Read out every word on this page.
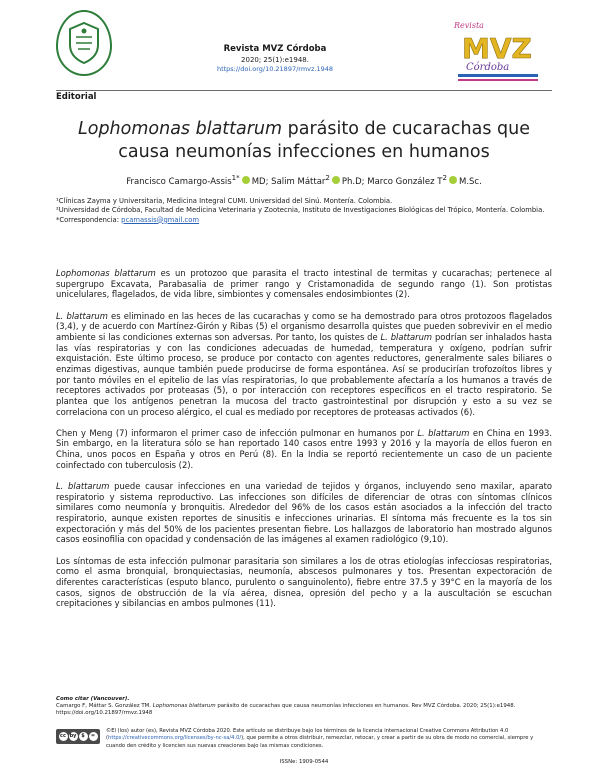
Revista MVZ Córdoba
2020; 25(1):e1948.
https://doi.org/10.21897/rmvz.1948
Revista
MVZ
Córdoba
Editorial
Lophomonas blattarum parásito de cucarachas que causa neumonías infecciones en humanos
Francisco Camargo-Assis$^{1*}$ MD; Salim Máttar$^2$ Ph.D; Marco González $T^2$ M.Sc.
¹Clínicas Zayma y Universitaria, Medicina Integral CUMI. Universidad del Sinú. Montería. Colombia.
²Universidad de Córdoba, Facultad de Medicina Veterinaria y Zootecnia, Instituto de Investigaciones Biológicas del Trópico, Montería. Colombia.
*Correspondencia: pcamassis@gmail.com

Lophomonas blattarum es un protozoo que parasita el tracto intestinal de termitas y cucarachas; pertenece al supergrupo Excavata, Parabasalia de primer rango y Cristamonadida de segundo rango (1). Son protistas unicelulares, flagelados, de vida libre, simbiontes y comensales endosimbiontes (2).

L. blattarum es eliminado en las heces de las cucarachas y como se ha demostrado para otros protozoos flagelados (3,4), y de acuerdo con Martínez-Girón y Ribas (5) el organismo desarrolla quistes que pueden sobrevivir en el medio ambiente si las condiciones externas son adversas. Por tanto, los quistes de L. blattarum podrían ser inhalados hasta las vías respiratorias y con las condiciones adecuadas de humedad, temperatura y oxígeno, podrían sufrir exquistación. Este último proceso, se produce por contacto con agentes reductores, generalmente sales biliares o enzimas digestivas, aunque también puede producirse de forma espontánea. Así se producirían trofozoítos libres y por tanto móviles en el epitelio de las vías respiratorias, lo que probablemente afectaría a los humanos a través de receptores activados por proteasas (5), o por interacción con receptores específicos en el tracto respiratorio. Se plantea que los antígenos penetran la mucosa del tracto gastrointestinal por disrupción y esto a su vez se correlaciona con un proceso alérgico, el cual es mediado por receptores de proteasas activados (6).

Chen y Meng (7) informaron el primer caso de infección pulmonar en humanos por L. blattarum en China en 1993. Sin embargo, en la literatura sólo se han reportado 140 casos entre 1993 y 2016 y la mayoría de ellos fueron en China, unos pocos en España y otros en Perú (8). En la India se reportó recientemente un caso de un paciente coinfectado con tuberculosis (2).

L. blattarum puede causar infecciones en una variedad de tejidos y órganos, incluyendo seno maxilar, aparato respiratorio y sistema reproductivo. Las infecciones son difíciles de diferenciar de otras con síntomas clínicos similares como neumonía y bronquitis. Alrededor del 96% de los casos están asociados a la infección del tracto respiratorio, aunque existen reportes de sinusitis e infecciones urinarias. El síntoma más frecuente es la tos sin expectoración y más del 50% de los pacientes presentan fiebre. Los hallazgos de laboratorio han mostrado algunos casos eosinofilia con opacidad y condensación de las imágenes al examen radiológico (9,10).

Los síntomas de esta infección pulmonar parasitaria son similares a los de otras etiologías infecciosas respiratorias, como el asma bronquial, bronquiectasias, neumonía, abscesos pulmonares y tos. Presentan expectoración de diferentes características (esputo blanco, purulento o sanguinolento), fiebre entre 37.5 y 39°C en la mayoría de los casos, signos de obstrucción de la vía aérea, disnea, opresión del pecho y a la auscultación se escuchan crepitaciones y sibilancias en ambos pulmones (11).

Como citar (Vancouver).
Camargo F, Máttar S. González TM. Lophomonas blattarum parásito de cucarachas que causa neumonías infecciones en humanos. Rev MVZ Córdoba. 2020; 25(1):e1948. https://doi.org/10.21897/rmvz.1948
cc by $	=
©El (los) autor (es), Revista MVZ Córdoba 2020. Este artículo se distribuye bajo los términos de la licencia internacional Creative Commons Attribution 4.0 (https://creativecommons.org/licenses/by-nc-sa/4.0/), que permite a otros distribuir, remezclar, retocar, y crear a partir de su obra de modo no comercial, siempre y cuando den crédito y licencien sus nuevas creaciones bajo las mismas condiciones.
ISSNe: 1909-0544
